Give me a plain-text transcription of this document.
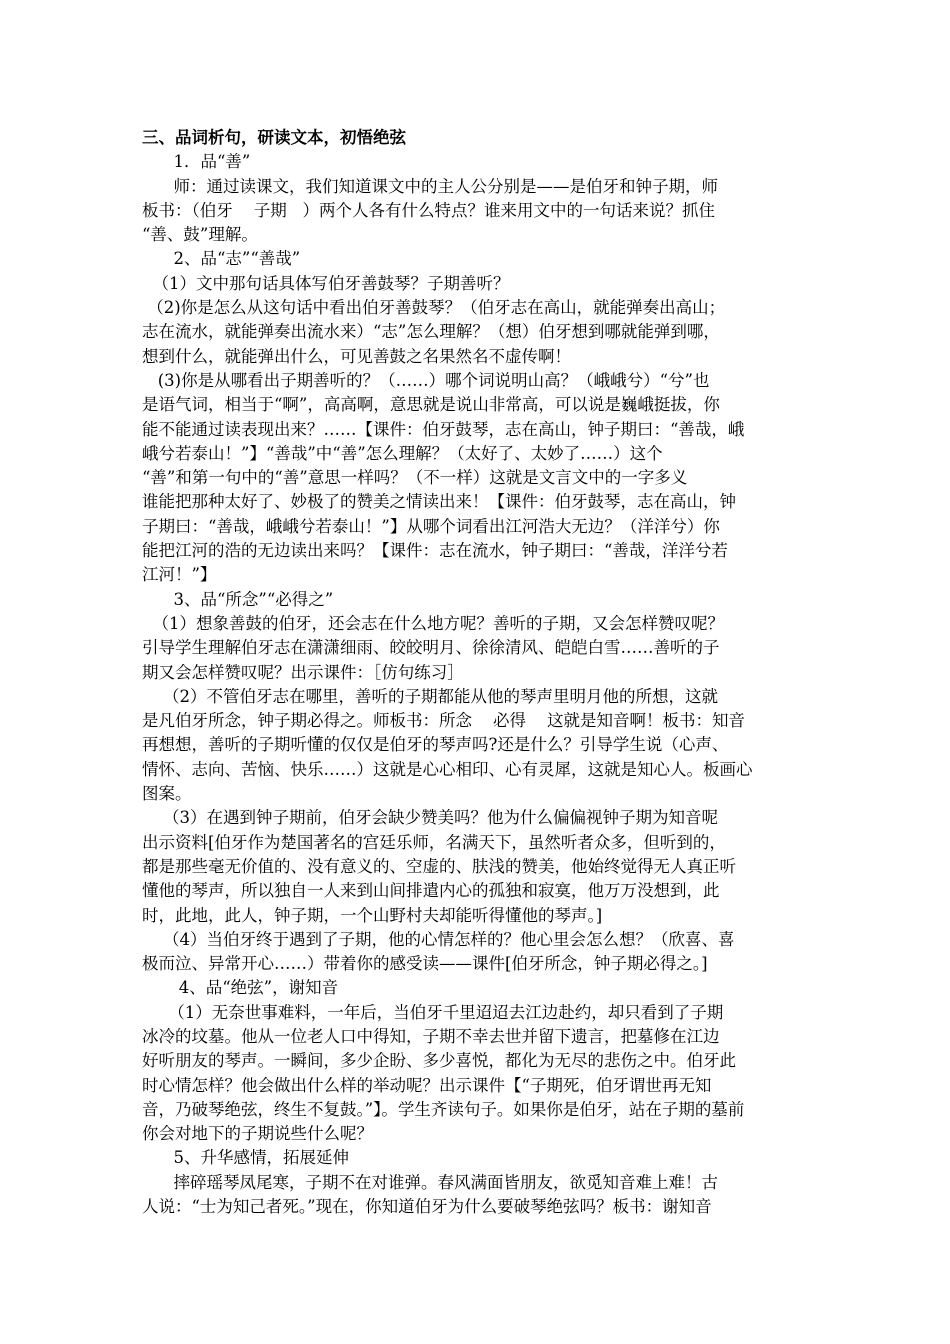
三、品词析句，研读文本，初悟绝弦
1．品“善”
师：通过读课文，我们知道课文中的主人公分别是——是伯牙和钟子期，师
板书：（伯牙    子期   ）两个人各有什么特点？谁来用文中的一句话来说？抓住
“善、鼓”理解。
2、品“志”“善哉”
（1）文中那句话具体写伯牙善鼓琴？子期善听？
（2)你是怎么从这句话中看出伯牙善鼓琴？（伯牙志在高山，就能弹奏出高山；
志在流水，就能弹奏出流水来）“志”怎么理解？（想）伯牙想到哪就能弹到哪，
想到什么，就能弹出什么，可见善鼓之名果然名不虚传啊！
(3)你是从哪看出子期善听的？（……）哪个词说明山高？（峨峨兮）“兮”也
是语气词，相当于“啊”，高高啊，意思就是说山非常高，可以说是巍峨挺拔，你
能不能通过读表现出来？……【课件：伯牙鼓琴，志在高山，钟子期曰：“善哉，峨
峨兮若泰山！”】“善哉”中“善”怎么理解？（太好了、太妙了……）这个
“善”和第一句中的“善”意思一样吗？（不一样）这就是文言文中的一字多义
谁能把那种太好了、妙极了的赞美之情读出来！【课件：伯牙鼓琴，志在高山，钟
子期曰：“善哉，峨峨兮若泰山！”】从哪个词看出江河浩大无边？（洋洋兮）你
能把江河的浩的无边读出来吗？【课件：志在流水，钟子期曰：“善哉，洋洋兮若
江河！”】
3、品“所念”“必得之”
（1）想象善鼓的伯牙，还会志在什么地方呢？善听的子期，又会怎样赞叹呢？
引导学生理解伯牙志在潇潇细雨、皎皎明月、徐徐清风、皑皑白雪……善听的子
期又会怎样赞叹呢？出示课件：［仿句练习］
（2）不管伯牙志在哪里，善听的子期都能从他的琴声里明月他的所想，这就
是凡伯牙所念，钟子期必得之。师板书：所念    必得    这就是知音啊！板书：知音
再想想，善听的子期听懂的仅仅是伯牙的琴声吗?还是什么？引导学生说（心声、
情怀、志向、苦恼、快乐……）这就是心心相印、心有灵犀，这就是知心人。板画心
图案。
（3）在遇到钟子期前，伯牙会缺少赞美吗？他为什么偏偏视钟子期为知音呢
出示资料[伯牙作为楚国著名的宫廷乐师，名满天下，虽然听者众多，但听到的，
都是那些毫无价值的、没有意义的、空虚的、肤浅的赞美，他始终觉得无人真正听
懂他的琴声，所以独自一人来到山间排遣内心的孤独和寂寞，他万万没想到，此
时，此地，此人，钟子期，一个山野村夫却能听得懂他的琴声。]
（4）当伯牙终于遇到了子期，他的心情怎样的？他心里会怎么想？（欣喜、喜
极而泣、异常开心……）带着你的感受读——课件[伯牙所念，钟子期必得之。]
4、品“绝弦”，谢知音
（1）无奈世事难料，一年后，当伯牙千里迢迢去江边赴约，却只看到了子期
冰冷的坟墓。他从一位老人口中得知，子期不幸去世并留下遗言，把墓修在江边
好听朋友的琴声。一瞬间，多少企盼、多少喜悦，都化为无尽的悲伤之中。伯牙此
时心情怎样？他会做出什么样的举动呢？出示课件【“子期死，伯牙谓世再无知
音，乃破琴绝弦，终生不复鼓。”】。学生齐读句子。如果你是伯牙，站在子期的墓前
你会对地下的子期说些什么呢？
5、升华感情，拓展延伸
摔碎瑶琴凤尾寒，子期不在对谁弹。春风满面皆朋友，欲觅知音难上难！古
人说：“士为知己者死。”现在，你知道伯牙为什么要破琴绝弦吗？板书：谢知音
